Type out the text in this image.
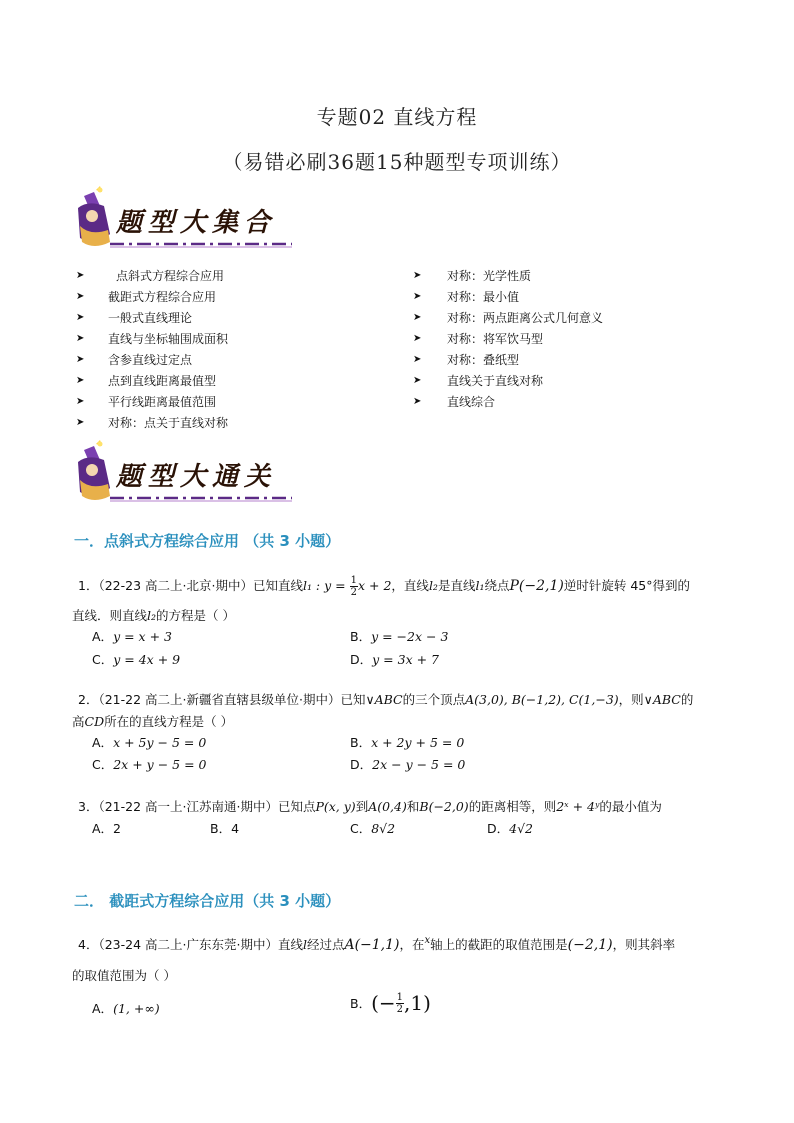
专题02 直线方程
（易错必刷36题15种题型专项训练）
题型大集合
➤	点斜式方程综合应用
➤ 截距式方程综合应用
➤ 一般式直线理论
➤ 直线与坐标轴围成面积
➤ 含参直线过定点
➤ 点到直线距离最值型
➤ 平行线距离最值范围
➤ 对称：点关于直线对称
➤ 对称：光学性质
➤ 对称：最小值
➤ 对称：两点距离公式几何意义
➤ 对称：将军饮马型
➤ 对称：叠纸型
➤ 直线关于直线对称
➤ 直线综合
题型大通关
一．点斜式方程综合应用 （共 3 小题）
1．（22-23 高二上·北京·期中）已知直线l₁ : $y = \frac{1}{2}$ x + 2，直线l₂是直线l₁绕点P(−2,1)逆时针旋转 45°得到的
直线．则直线l₂的方程是（ ）
A．y = x + 3	B．y = −2x − 3
C．y = 4x + 9	D．y = 3x + 7
2．（21-22 高二上·新疆省直辖县级单位·期中）已知∨ABC的三个顶点A(3,0), B(−1,2), C(1,−3)，则∨ABC的
高CD所在的直线方程是（ ）
A．x + 5y − 5 = 0	B．x + 2y + 5 = 0
C．2x + y − 5 = 0	D．2x − y − 5 = 0
3．（21-22 高一上·江苏南通·期中）已知点P(x, y)到A(0,4)和B(−2,0)的距离相等，则2ˣ + 4ʸ的最小值为
A．2	B．4	C．8√2	D．4√2
二． 截距式方程综合应用（共 3 小题）
4．（23-24 高二上·广东东莞·期中）直线l经过点A(−1,1)，在$^x$轴上的截距的取值范围是(−2,1)，则其斜率
的取值范围为（ ）
A．(1, +∞)	B．(− $\frac{1}{2} ,1$)
